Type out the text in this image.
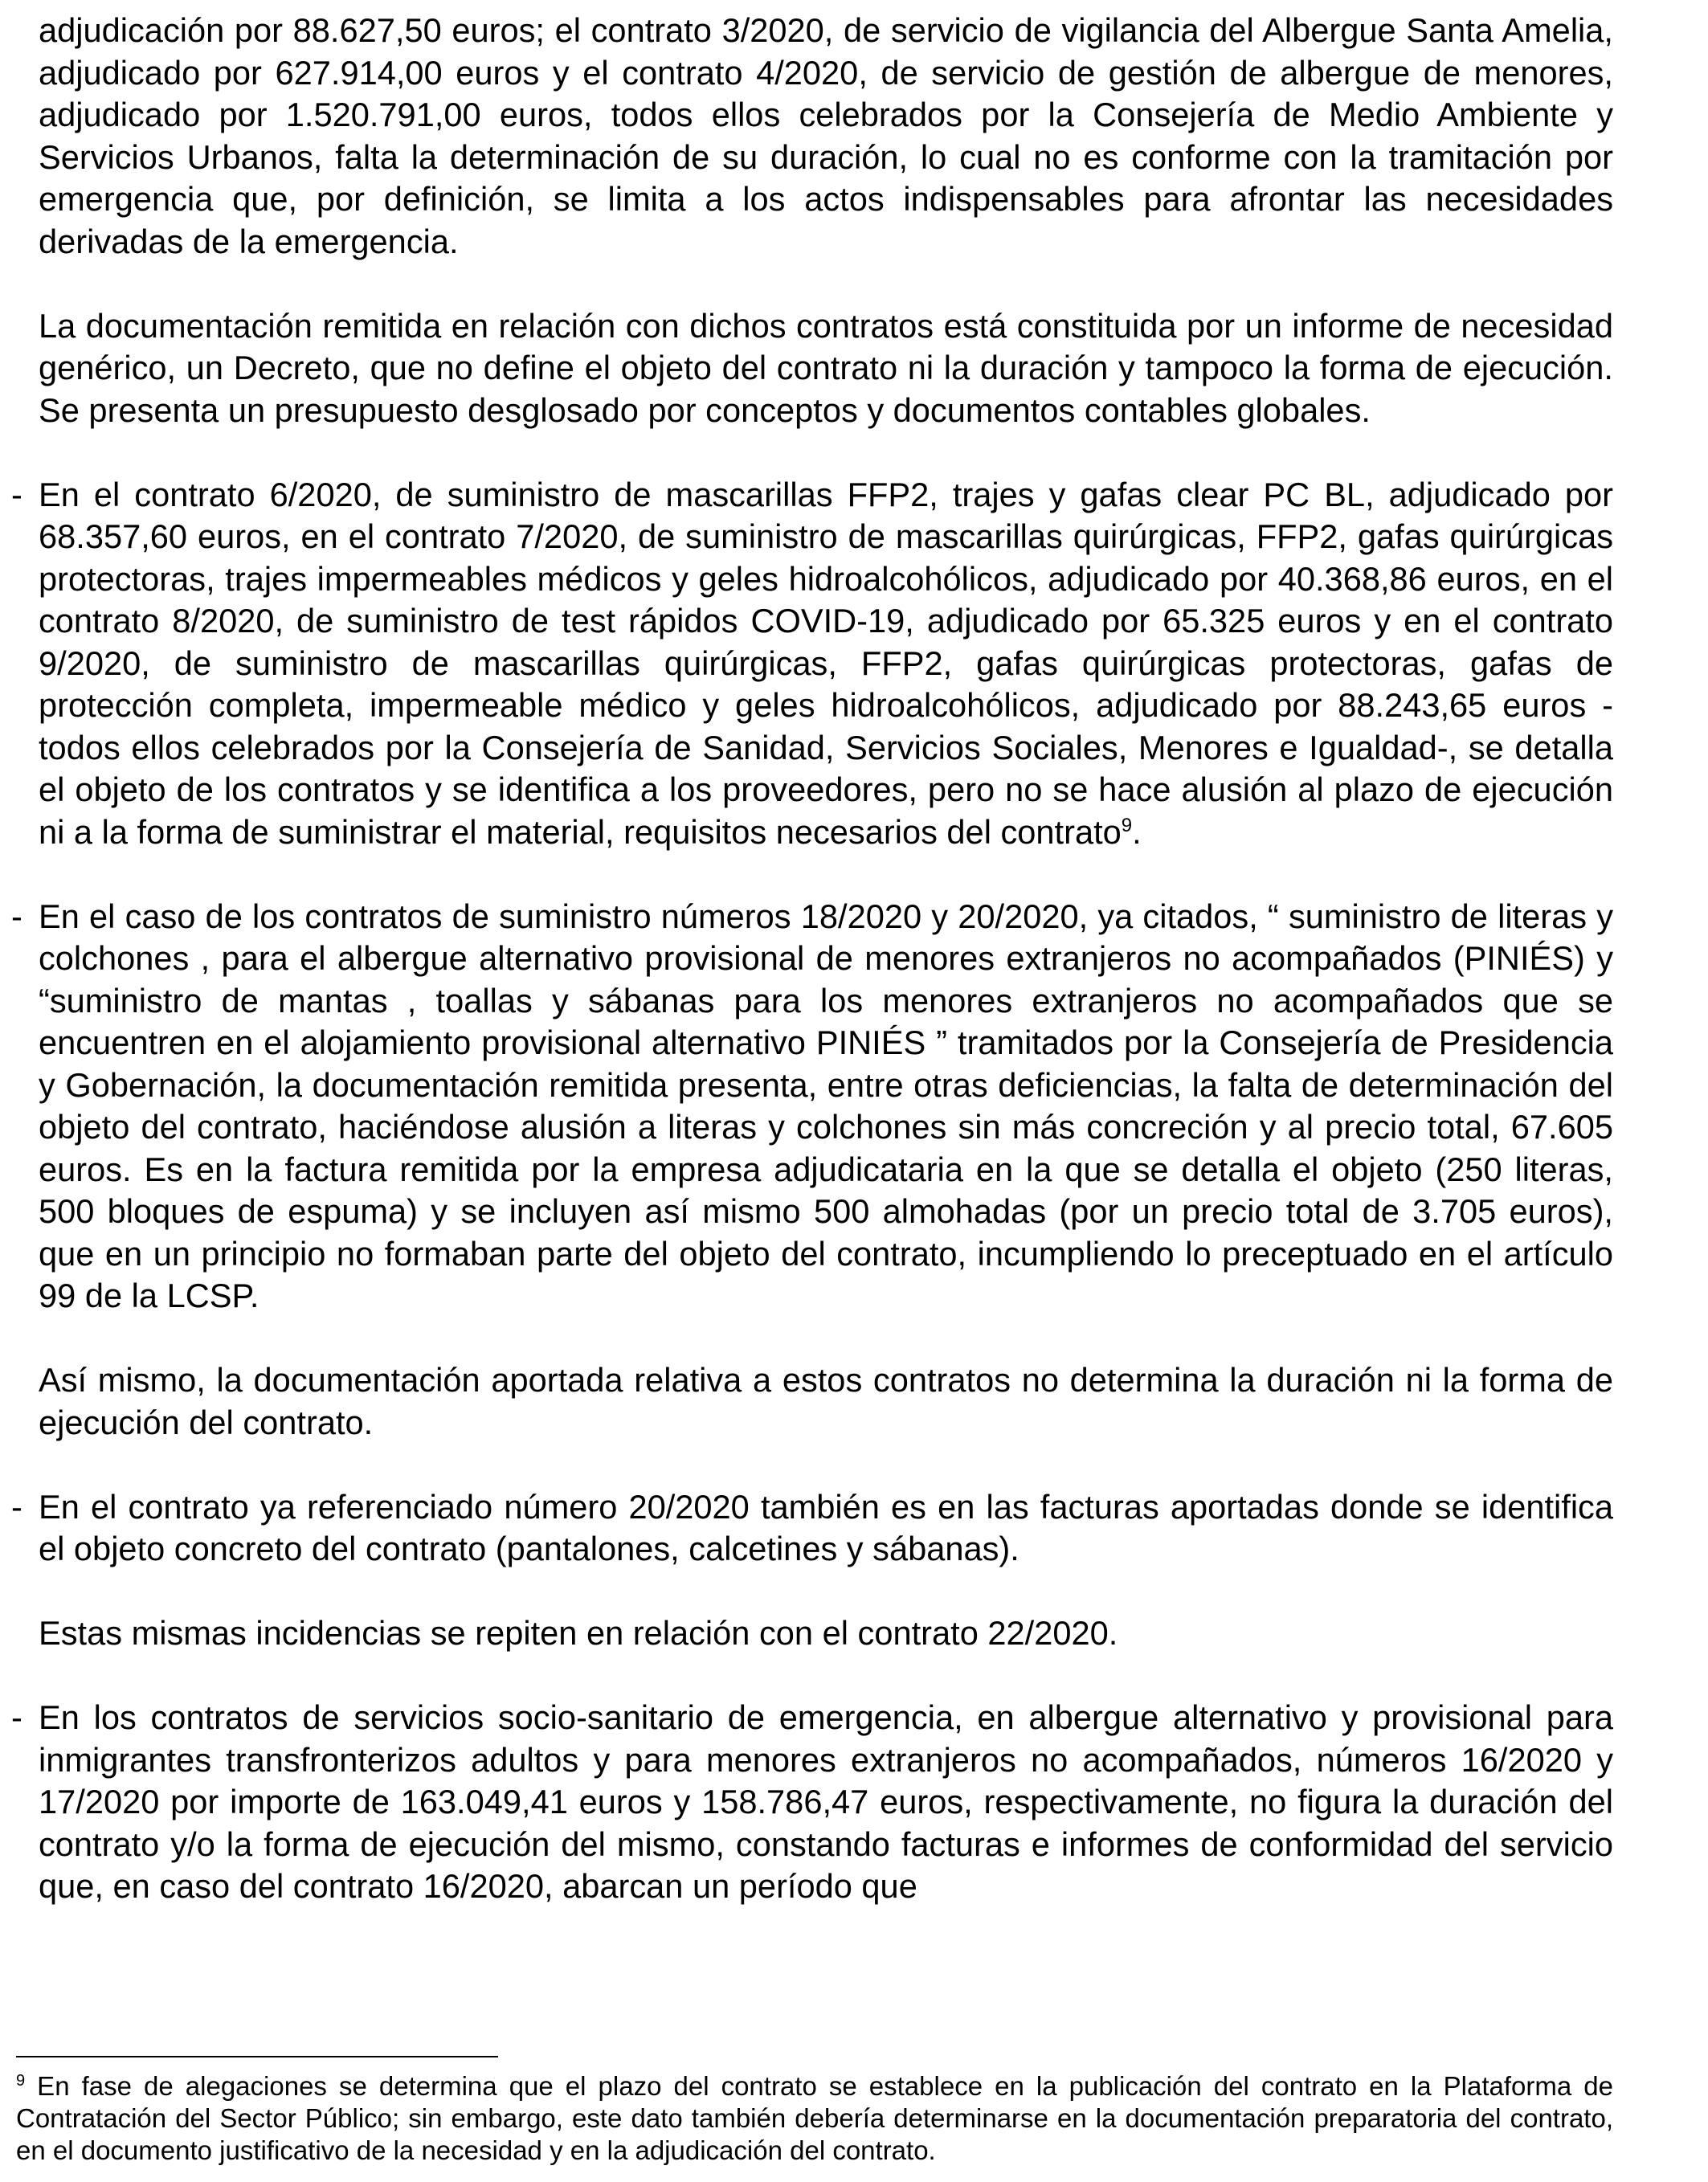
adjudicación por 88.627,50 euros; el contrato 3/2020, de servicio de vigilancia del Albergue Santa Amelia, adjudicado por 627.914,00 euros y el contrato 4/2020, de servicio de gestión de albergue de menores, adjudicado por 1.520.791,00 euros, todos ellos celebrados por la Consejería de Medio Ambiente y Servicios Urbanos, falta la determinación de su duración, lo cual no es conforme con la tramitación por emergencia que, por definición, se limita a los actos indispensables para afrontar las necesidades derivadas de la emergencia.

La documentación remitida en relación con dichos contratos está constituida por un informe de necesidad genérico, un Decreto, que no define el objeto del contrato ni la duración y tampoco la forma de ejecución. Se presenta un presupuesto desglosado por conceptos y documentos contables globales.

- En el contrato 6/2020, de suministro de mascarillas FFP2, trajes y gafas clear PC BL, adjudicado por 68.357,60 euros, en el contrato 7/2020, de suministro de mascarillas quirúrgicas, FFP2, gafas quirúrgicas protectoras, trajes impermeables médicos y geles hidroalcohólicos, adjudicado por 40.368,86 euros, en el contrato 8/2020, de suministro de test rápidos COVID-19, adjudicado por 65.325 euros y en el contrato 9/2020, de suministro de mascarillas quirúrgicas, FFP2, gafas quirúrgicas protectoras, gafas de protección completa, impermeable médico y geles hidroalcohólicos, adjudicado por 88.243,65 euros -todos ellos celebrados por la Consejería de Sanidad, Servicios Sociales, Menores e Igualdad-, se detalla el objeto de los contratos y se identifica a los proveedores, pero no se hace alusión al plazo de ejecución ni a la forma de suministrar el material, requisitos necesarios del contrato$^9$.
- En el caso de los contratos de suministro números 18/2020 y 20/2020, ya citados, “ suministro de literas y colchones , para el albergue alternativo provisional de menores extranjeros no acompañados (PINIÉS) y “suministro de mantas , toallas y sábanas para los menores extranjeros no acompañados que se encuentren en el alojamiento provisional alternativo PINIÉS ” tramitados por la Consejería de Presidencia y Gobernación, la documentación remitida presenta, entre otras deficiencias, la falta de determinación del objeto del contrato, haciéndose alusión a literas y colchones sin más concreción y al precio total, 67.605 euros. Es en la factura remitida por la empresa adjudicataria en la que se detalla el objeto (250 literas, 500 bloques de espuma) y se incluyen así mismo 500 almohadas (por un precio total de 3.705 euros), que en un principio no formaban parte del objeto del contrato, incumpliendo lo preceptuado en el artículo 99 de la LCSP.

Así mismo, la documentación aportada relativa a estos contratos no determina la duración ni la forma de ejecución del contrato.

- En el contrato ya referenciado número 20/2020 también es en las facturas aportadas donde se identifica el objeto concreto del contrato (pantalones, calcetines y sábanas).

Estas mismas incidencias se repiten en relación con el contrato 22/2020.

- En los contratos de servicios socio-sanitario de emergencia, en albergue alternativo y provisional para inmigrantes transfronterizos adultos y para menores extranjeros no acompañados, números 16/2020 y 17/2020 por importe de 163.049,41 euros y 158.786,47 euros, respectivamente, no figura la duración del contrato y/o la forma de ejecución del mismo, constando facturas e informes de conformidad del servicio que, en caso del contrato 16/2020, abarcan un período que
$^9$ En fase de alegaciones se determina que el plazo del contrato se establece en la publicación del contrato en la Plataforma de Contratación del Sector Público; sin embargo, este dato también debería determinarse en la documentación preparatoria del contrato, en el documento justificativo de la necesidad y en la adjudicación del contrato.
